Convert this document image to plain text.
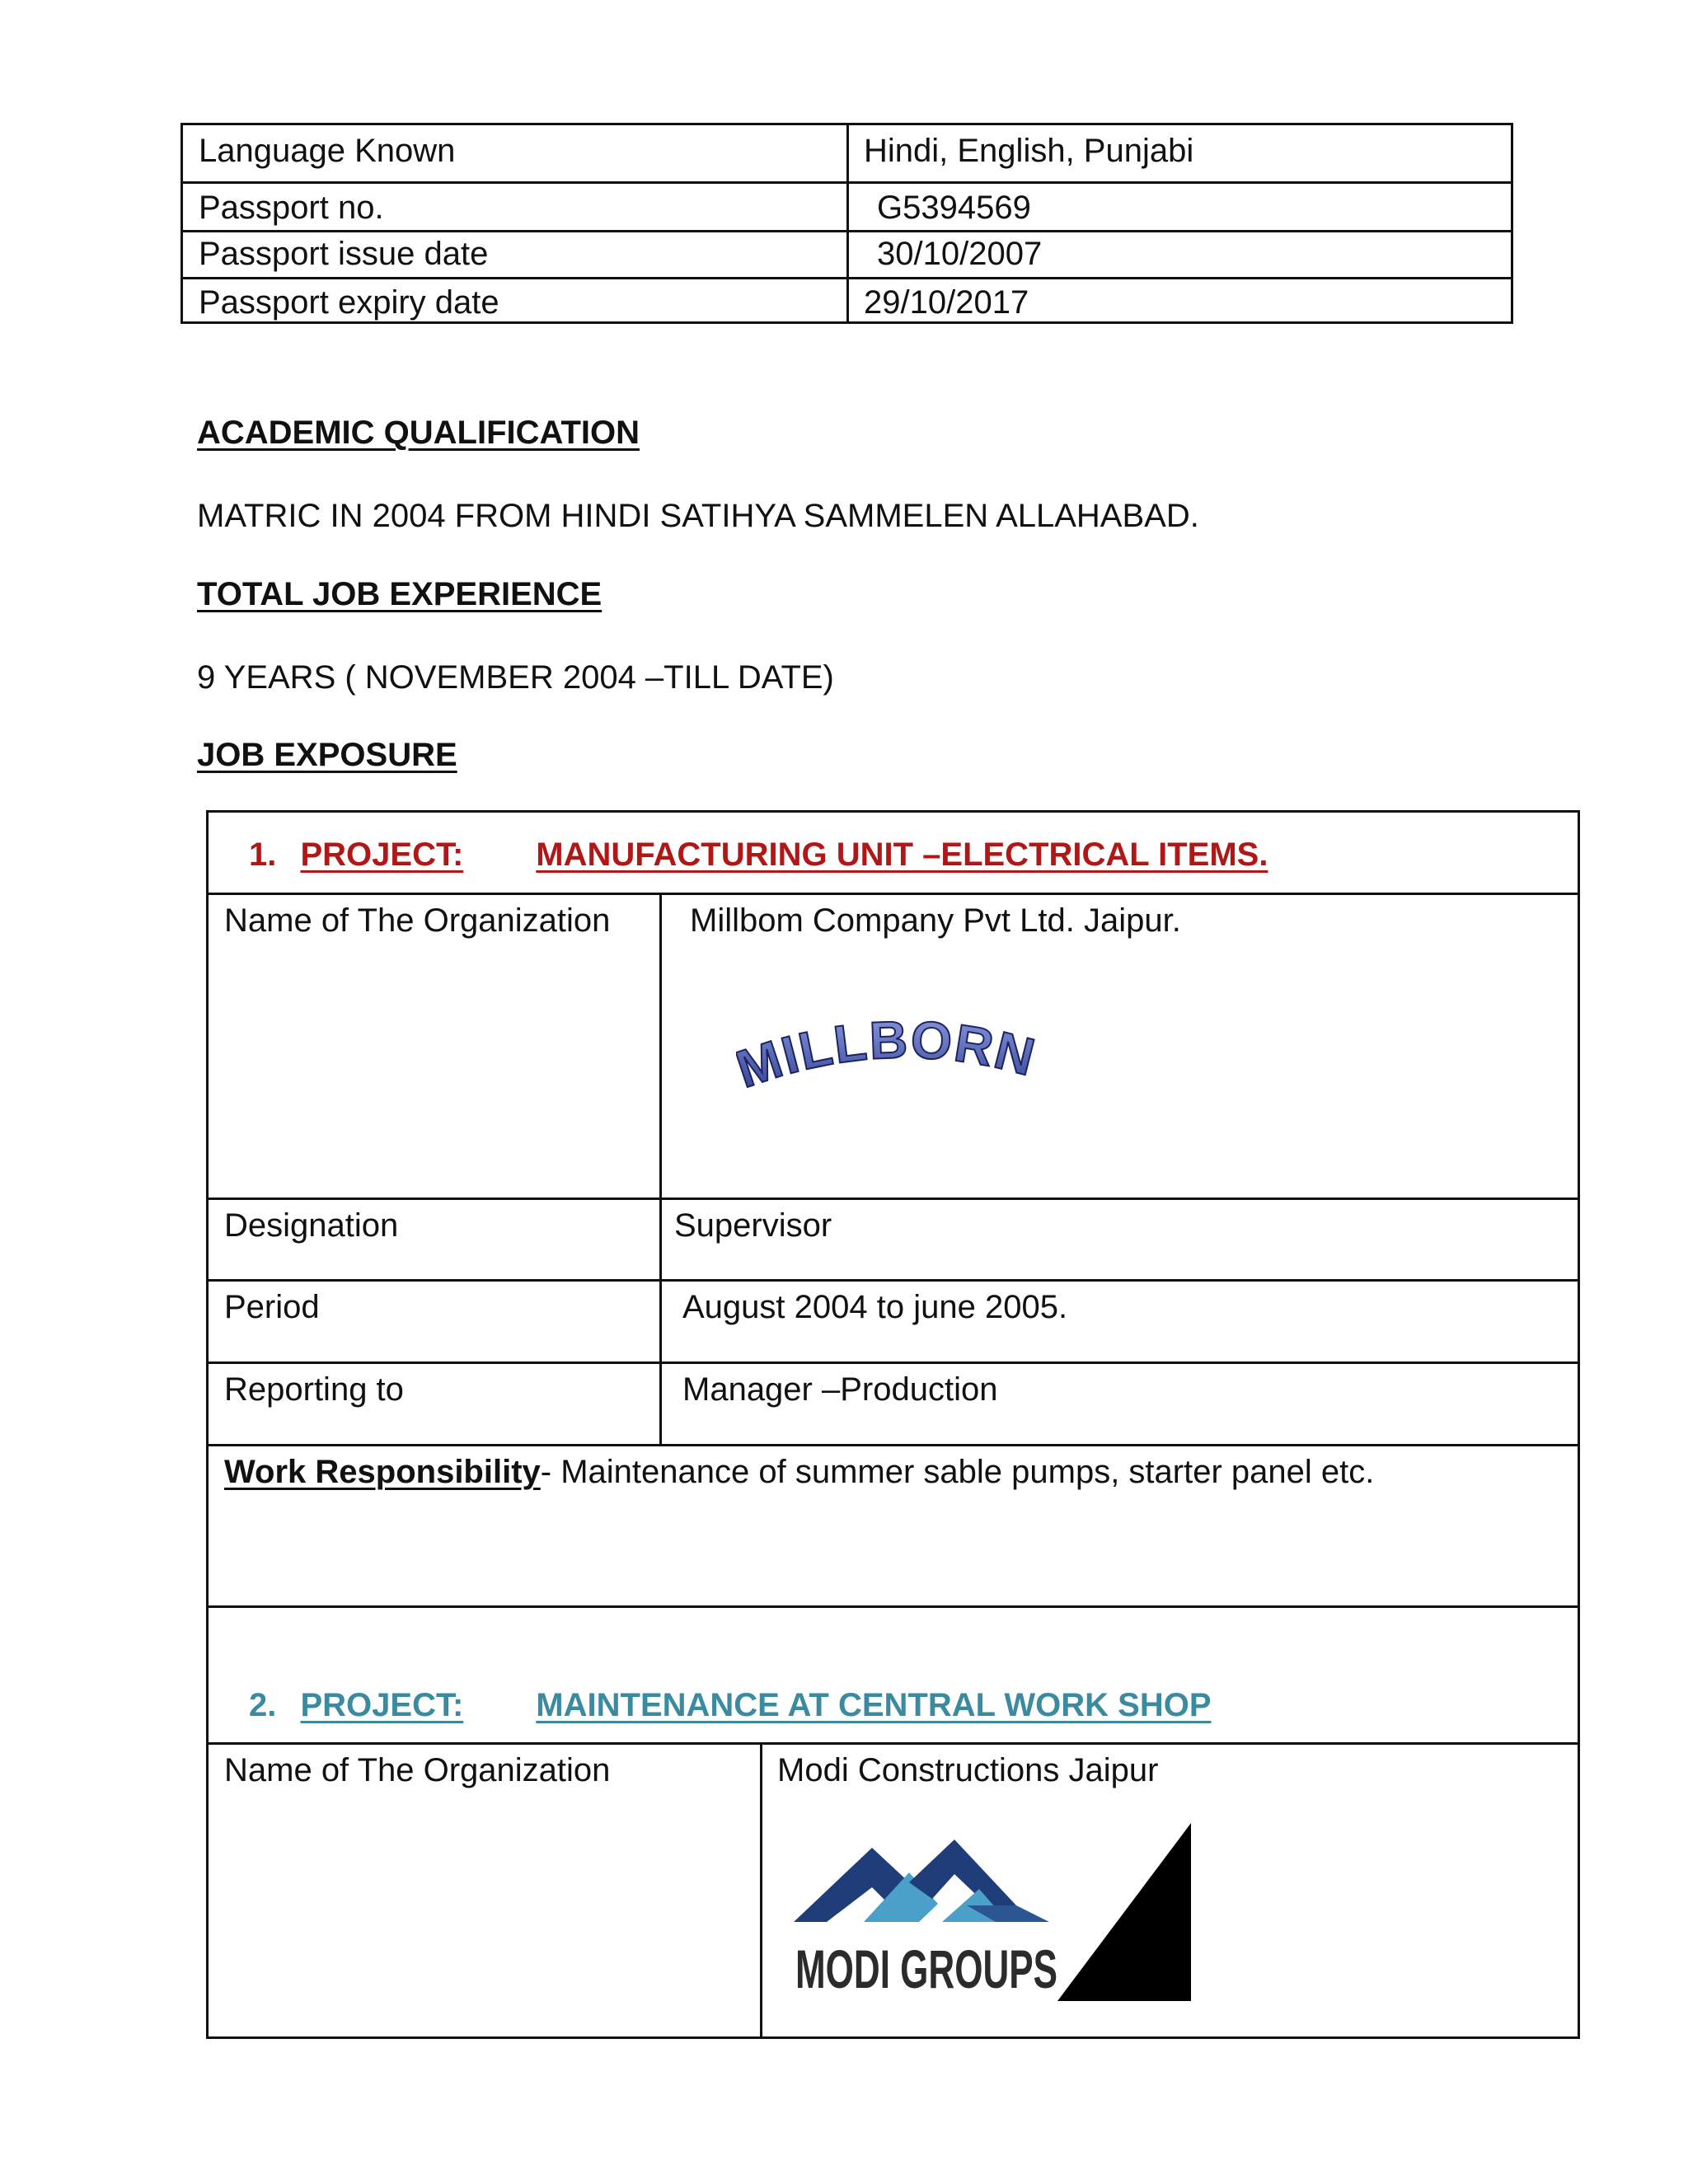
Language Known	Hindi, English, Punjabi
Passport no.	G5394569
Passport issue date	30/10/2007
Passport expiry date	29/10/2017
ACADEMIC QUALIFICATION
MATRIC IN 2004 FROM HINDI SATIHYA SAMMELEN ALLAHABAD.
TOTAL JOB EXPERIENCE
9 YEARS ( NOVEMBER 2004 –TILL DATE)
JOB EXPOSURE
1. PROJECT: MANUFACTURING UNIT –ELECTRICAL ITEMS.
Name of The Organization Millbom Company Pvt Ltd. Jaipur.
ILLBORN
Designation	Supervisor
Period	August 2004 to june 2005.
Reporting to	Manager –Production
Work Responsibility- Maintenance of summer sable pumps, starter panel etc.
2. PROJECT: MAINTENANCE AT CENTRAL WORK SHOP
Name of The Organization	Modi Constructions Jaipur
MODI GROUPS
